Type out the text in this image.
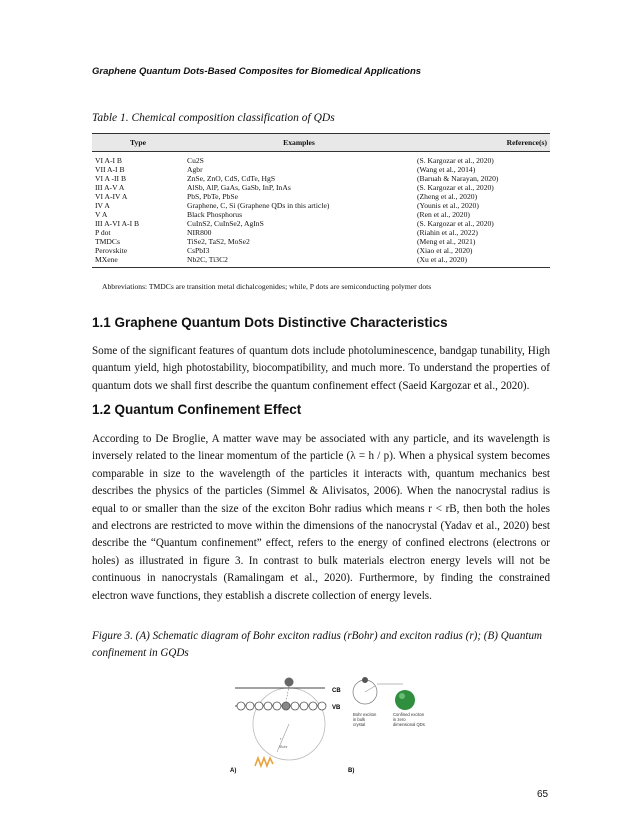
Graphene Quantum Dots-Based Composites for Biomedical Applications
Table 1. Chemical composition classification of QDs
Type	Examples	Reference(s)
VI A-I B	Cu2S	(S. Kargozar et al., 2020)
VII A-I B	Agbr	(Wang et al., 2014)
VI A -II B	ZnSe, ZnO, CdS, CdTe, HgS	(Baruah & Narayan, 2020)
III A-V A	AlSb, AlP, GaAs, GaSb, InP, InAs	(S. Kargozar et al., 2020)
VI A-IV A	PbS, PbTe, PbSe	(Zheng et al., 2020)
IV A	Graphene, C, Si (Graphene QDs in this article)	(Younis et al., 2020)
V A	Black Phosphorus	(Ren et al., 2020)
III A-VI A-I B	CuInS2, CuInSe2, AgInS	(S. Kargozar et al., 2020)
P dot	NIR800	(Riahin et al., 2022)
TMDCs	TiSe2, TaS2, MoSe2	(Meng et al., 2021)
Perovskite	CsPbI3	(Xiao et al., 2020)
MXene	Nb2C, Ti3C2	(Xu et al., 2020)
Abbreviations: TMDCs are transition metal dichalcogenides; while, P dots are semiconducting polymer dots
1.1 Graphene Quantum Dots Distinctive Characteristics

Some of the significant features of quantum dots include photoluminescence, bandgap tunability, High quantum yield, high photostability, biocompatibility, and much more. To understand the properties of quantum dots we shall first describe the quantum confinement effect (Saeid Kargozar et al., 2020).

1.2 Quantum Confinement Effect

According to De Broglie, A matter wave may be associated with any particle, and its wavelength is inversely related to the linear momentum of the particle (λ = h / p). When a physical system becomes comparable in size to the wavelength of the particles it interacts with, quantum mechanics best describes the physics of the particles (Simmel & Alivisatos, 2006). When the nanocrystal radius is equal to or smaller than the size of the exciton Bohr radius which means r < rB, then both the holes and electrons are restricted to move within the dimensions of the nanocrystal (Yadav et al., 2020) best describe the “Quantum confinement” effect, refers to the energy of confined electrons (electrons or holes) as illustrated in figure 3. In contrast to bulk materials electron energy levels will not be continuous in nanocrystals (Ramalingam et al., 2020). Furthermore, by finding the constrained electron wave functions, they establish a discrete collection of energy levels.

Figure 3. (A) Schematic diagram of Bohr exciton radius (rBohr) and exciton radius (r); (B) Quantum confinement in GQDs
r
rBohr
CB
VB
A)
Bohr exciton in bulk crystal
Confined exciton in zero dimensional QDs
B)
65
